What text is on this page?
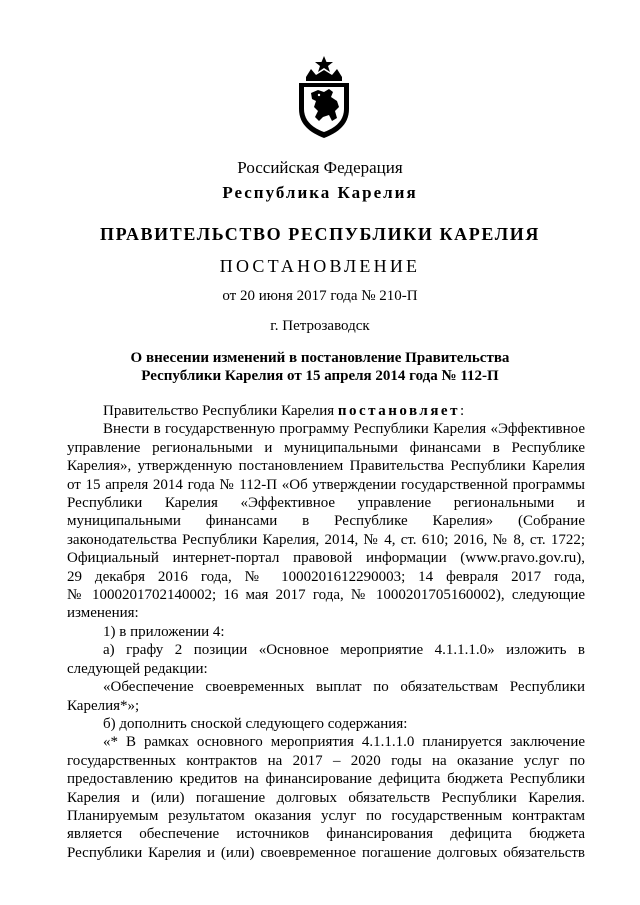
Российская Федерация
Республика Карелия
ПРАВИТЕЛЬСТВО РЕСПУБЛИКИ КАРЕЛИЯ
ПОСТАНОВЛЕНИЕ
от 20 июня 2017 года № 210-П
г. Петрозаводск
О внесении изменений в постановление Правительства
Республики Карелия от 15 апреля 2014 года № 112-П
Правительство Республики Карелия постановляет:
Внести в государственную программу Республики Карелия «Эффективное
управление региональными и муниципальными финансами в Республике
Карелия», утвержденную постановлением Правительства Республики Карелия
от 15 апреля 2014 года № 112-П «Об утверждении государственной программы
Республики Карелия «Эффективное управление региональными и
муниципальными финансами в Республике Карелия» (Собрание
законодательства Республики Карелия, 2014, № 4, ст. 610; 2016, № 8, ст. 1722;
Официальный интернет-портал правовой информации (www.pravo.gov.ru),
29 декабря 2016 года, № 1000201612290003; 14 февраля 2017 года,
№ 1000201702140002; 16 мая 2017 года, № 1000201705160002), следующие
изменения:
1) в приложении 4:
а) графу 2 позиции «Основное мероприятие 4.1.1.1.0» изложить в
следующей редакции:
«Обеспечение своевременных выплат по обязательствам Республики
Карелия*»;
б) дополнить сноской следующего содержания:
«* В рамках основного мероприятия 4.1.1.1.0 планируется заключение
государственных контрактов на 2017 – 2020 годы на оказание услуг по
предоставлению кредитов на финансирование дефицита бюджета Республики
Карелия и (или) погашение долговых обязательств Республики Карелия.
Планируемым результатом оказания услуг по государственным контрактам
является обеспечение источников финансирования дефицита бюджета
Республики Карелия и (или) своевременное погашение долговых обязательств
